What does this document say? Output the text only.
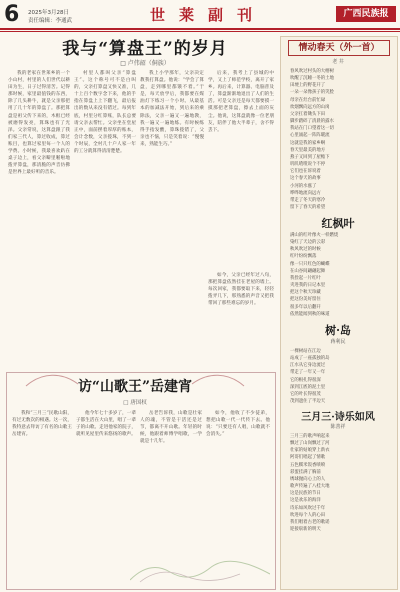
6 2025年3月28日
责任编辑：李通武	世莱副刊	广西民族报
我与“算盘王”的岁月
□ 卢伟韶（侗族）

我的老家在世莱乡的一个小山村，村里的人们世代以耕田为生，日子过得清苦。记得那时候，家里最值钱的东西，除了几头耕牛，就是父亲那把用了几十年的算盘了。那把算盘是祖父传下来的，木框已经被磨得发亮，算珠也有了光泽。父亲常说，这算盘跟了我们家三代人，算过收成，算过账目，也算过家里每一个人的学费。小时候，我最喜欢趴在桌子边上，看父亲噼里啪啦地拨弄算盘，那清脆的声音仿佛是世界上最好听的音乐。

村里人都叫父亲“算盘王”。这个称号可不是白叫的，父亲打算盘又快又准，几十上百个数字念下来，他的手指在算盘上上下翻飞，最后报出的数从来没有错过。每到年底，村里分红算账，队长总要请父亲去帮忙。父亲坐在堂屋正中，面前摆着厚厚的账本，会计念数，父亲拨珠，不到一个时辰，全村几十户人家一年的工分就算得清清楚楚。

我上小学那年，父亲决定教我打算盘。他说：“学会了算盘，走到哪里都饿不着。”于是，每天放学后，我都要在煤油灯下练习一个小时。从最基本的加减法开始，到后来的乘除法，父亲一遍又一遍地教，我一遍又一遍地练。有时候练得手指发酸，算珠拨错了，父亲也不恼，只是笑着说：“慢慢来，熟能生巧。”

后来，我考上了县城的中学，又上了师范学校，离开了家乡。再后来，计算器、电脑普及了，算盘渐渐地退出了人们的生活。可是父亲还是每天都要摸一摸那把老算盘，擦去上面的灰尘。他说，这算盘就像一位老朋友，陪伴了他大半辈子，舍不得丢下。

如今，父亲已经年过八旬，那把算盘依然挂在老屋的墙上。每次回家，我都要取下来，轻轻拨弄几下，那熟悉的声音又把我带回了那些难忘的岁月。

访“山歌王”岳建宵
□ 唐国权

我和“三月三”民歌山阳，有过无数次的相遇。这一次，我特意去拜访了有名的山歌王岳建宵。

他今年七十多岁了，一辈子都生活在大山里，唱了一辈子的山歌。走进他家的院子，就听见屋里传来悠扬的歌声。

岳老告诉我，山歌是壮家人的魂，不管是干活还是过节，都离不开山歌。年轻的时候，他跟着师傅学唱歌，一学就是十几年。

如今，他收了不少徒弟，想把山歌一代一代传下去。他说：“只要还有人唱，山歌就不会消失。”

情动春天（外一首）
老 井
春风吹过村头的大榕树
吹醒了沉睡一冬的土地
田埂上的野花开了
一朵一朵像孩子的笑脸
母亲在灶台前忙碌
炊烟飘向远方的山岗
父亲扛着锄头下田
脚步踏碎了清晨的露水
我站在门口望着这一切
心里涌起一阵阵暖流
这就是我的家乡啊
春天里最美的地方
燕子又回到了屋檐下
叽叽喳喳说个不停
它们也在诉说着
这个春天的故事
小河的水涨了
哗哗地流向远方
带走了冬天的寒冷
留下了春天的希望
红枫叶
满山的红叶像火一样燃烧
染红了天边的云彩
秋风吹过的时候
红叶纷纷飘落
像一只只红色的蝴蝶
在山谷间翩翩起舞
我捡起一片红叶
夹进我的日记本里
把这个秋天珍藏
把这份美好留住
很多年以后翻开
依然能闻到秋的味道
树·岛
蒋利民
一棵树站在江边
站成了一座孤独的岛
江水从它身边流过
带走了一年又一年
它的根扎得很深
深到江底的泥土里
它的叶长得很茂
茂到遮住了半边天
三月三·诗乐如风
陈善祥
三月三的歌声响起来
飘过了山岗飘过了河
壮家的姑娘穿上新衣
阿哥们唱起了情歌
五色糯米饭香喷喷
彩蛋挂满了胸前
绣球抛向心上的人
歌声传遍了八桂大地
这是民族的节日
这是欢乐的海洋
诗乐如风吹过千年
吹进每个人的心田
我们唱着古老的歌谣
迎接崭新的明天
